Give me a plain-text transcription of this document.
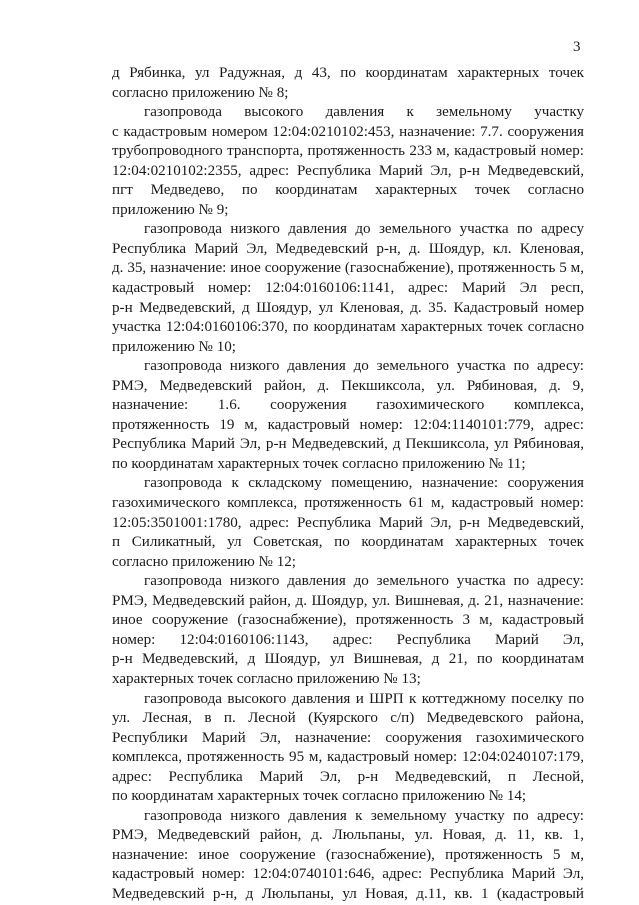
3

д Рябинка, ул Радужная, д 43, по координатам характерных точек
согласно приложению № 8;

газопровода высокого давления к земельному участку
с кадастровым номером 12:04:0210102:453, назначение: 7.7. сооружения
трубопроводного транспорта, протяженность 233 м, кадастровый номер:
12:04:0210102:2355, адрес: Республика Марий Эл, р-н Медведевский,
пгт Медведево, по координатам характерных точек согласно
приложению № 9;

газопровода низкого давления до земельного участка по адресу
Республика Марий Эл, Медведевский р-н, д. Шоядур, кл. Кленовая,
д. 35, назначение: иное сооружение (газоснабжение), протяженность 5 м,
кадастровый номер: 12:04:0160106:1141, адрес: Марий Эл респ,
р-н Медведевский, д Шоядур, ул Кленовая, д. 35. Кадастровый номер
участка 12:04:0160106:370, по координатам характерных точек согласно
приложению № 10;

газопровода низкого давления до земельного участка по адресу:
РМЭ, Медведевский район, д. Пекшиксола, ул. Рябиновая, д. 9,
назначение: 1.6. сооружения газохимического комплекса,
протяженность 19 м, кадастровый номер: 12:04:1140101:779, адрес:
Республика Марий Эл, р-н Медведевский, д Пекшиксола, ул Рябиновая,
по координатам характерных точек согласно приложению № 11;

газопровода к складскому помещению, назначение: сооружения
газохимического комплекса, протяженность 61 м, кадастровый номер:
12:05:3501001:1780, адрес: Республика Марий Эл, р-н Медведевский,
п Силикатный, ул Советская, по координатам характерных точек
согласно приложению № 12;

газопровода низкого давления до земельного участка по адресу:
РМЭ, Медведевский район, д. Шоядур, ул. Вишневая, д. 21, назначение:
иное сооружение (газоснабжение), протяженность 3 м, кадастровый
номер: 12:04:0160106:1143, адрес: Республика Марий Эл,
р-н Медведевский, д Шоядур, ул Вишневая, д 21, по координатам
характерных точек согласно приложению № 13;

газопровода высокого давления и ШРП к коттеджному поселку по
ул. Лесная, в п. Лесной (Куярского с/п) Медведевского района,
Республики Марий Эл, назначение: сооружения газохимического
комплекса, протяженность 95 м, кадастровый номер: 12:04:0240107:179,
адрес: Республика Марий Эл, р-н Медведевский, п Лесной,
по координатам характерных точек согласно приложению № 14;

газопровода низкого давления к земельному участку по адресу:
РМЭ, Медведевский район, д. Люльпаны, ул. Новая, д. 11, кв. 1,
назначение: иное сооружение (газоснабжение), протяженность 5 м,
кадастровый номер: 12:04:0740101:646, адрес: Республика Марий Эл,
Медведевский р-н, д Люльпаны, ул Новая, д.11, кв. 1 (кадастровый
